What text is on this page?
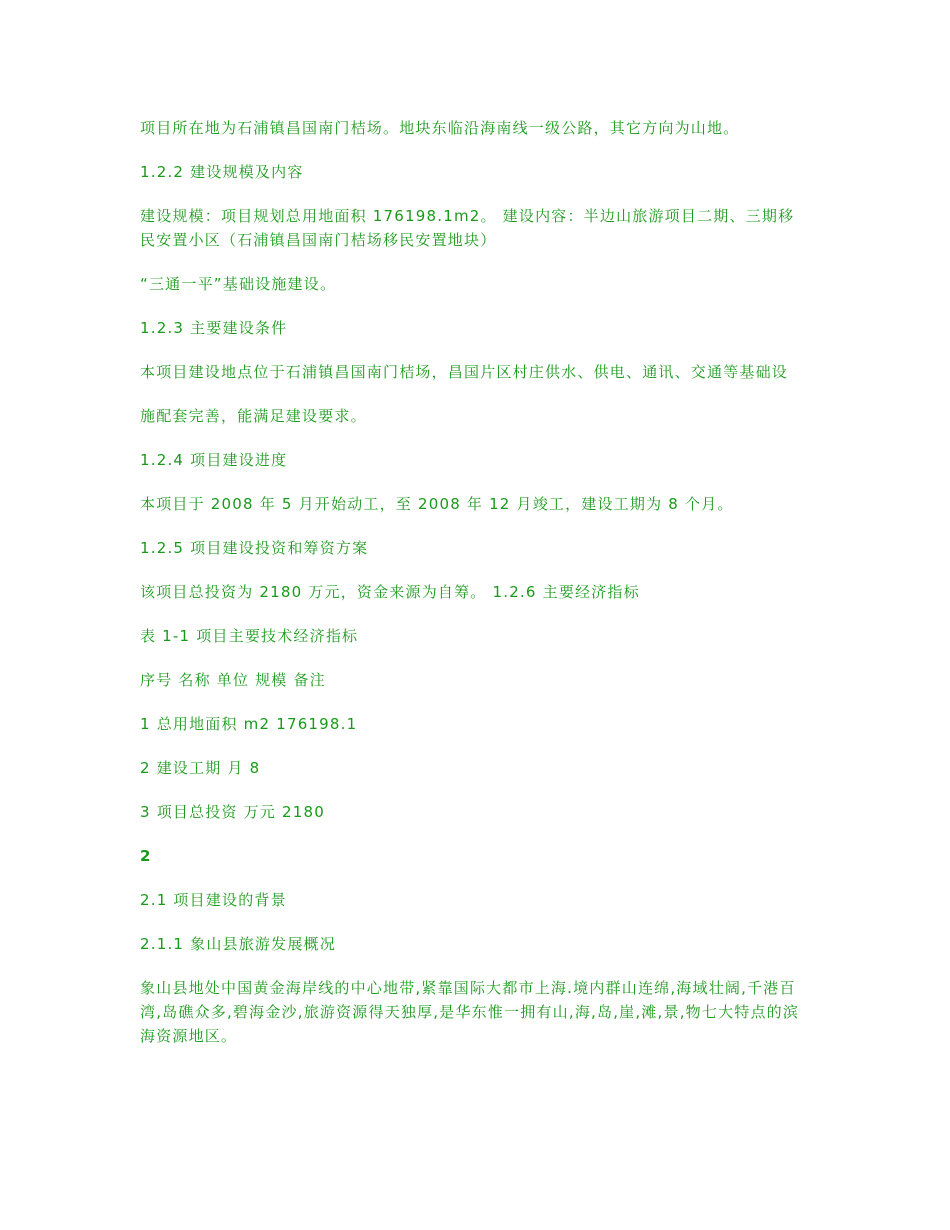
项目所在地为石浦镇昌国南门桔场。地块东临沿海南线一级公路，其它方向为山地。

1.2.2 建设规模及内容

建设规模：项目规划总用地面积 176198.1m2。 建设内容：半边山旅游项目二期、三期移民安置小区（石浦镇昌国南门桔场移民安置地块）

“三通一平”基础设施建设。

1.2.3 主要建设条件

本项目建设地点位于石浦镇昌国南门桔场，昌国片区村庄供水、供电、通讯、交通等基础设

施配套完善，能满足建设要求。

1.2.4 项目建设进度

本项目于 2008 年 5 月开始动工，至 2008 年 12 月竣工，建设工期为 8 个月。

1.2.5 项目建设投资和筹资方案

该项目总投资为 2180 万元，资金来源为自筹。 1.2.6 主要经济指标

表 1-1 项目主要技术经济指标

序号 名称 单位 规模 备注

1 总用地面积 m2 176198.1

2 建设工期 月 8

3 项目总投资 万元 2180

2

2.1 项目建设的背景

2.1.1 象山县旅游发展概况

象山县地处中国黄金海岸线的中心地带,紧靠国际大都市上海.境内群山连绵,海域壮阔,千港百湾,岛礁众多,碧海金沙,旅游资源得天独厚,是华东惟一拥有山,海,岛,崖,滩,景,物七大特点的滨海资源地区。
